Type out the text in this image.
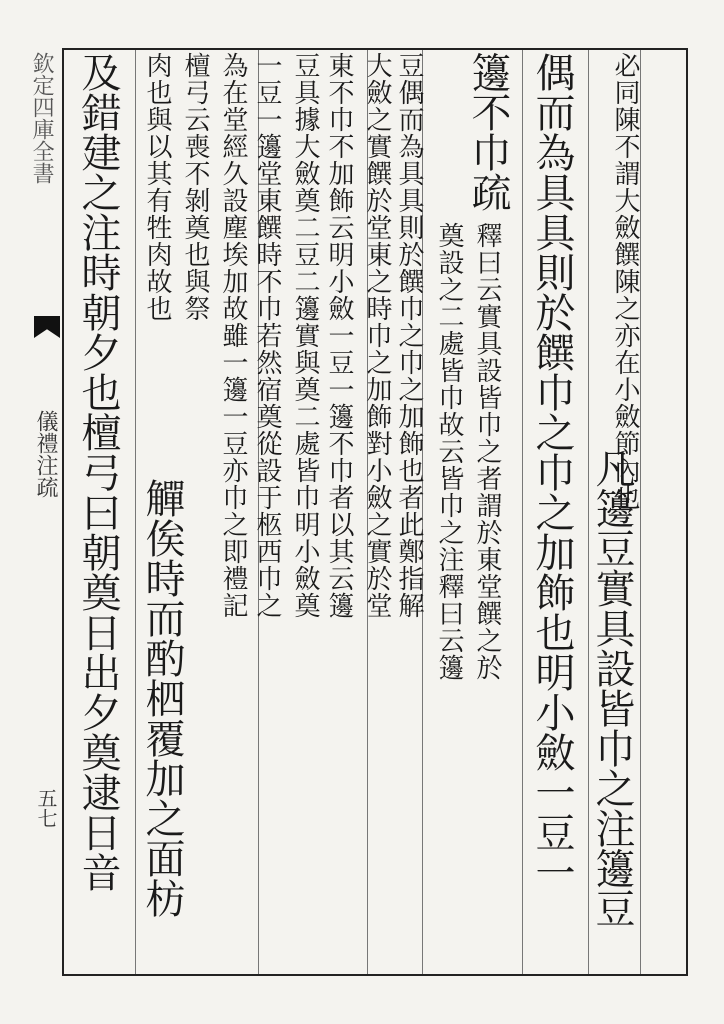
欽定四庫全書
儀禮注疏
五七
必同陳不謂大斂饌陳之亦在小斂節內也
凡籩豆實具設皆巾之注籩豆
偶而為具具則於饌巾之巾之加飾也明小斂一豆一
籩不巾疏
釋曰云實具設皆巾之者謂於東堂饌之於
奠設之二處皆巾故云皆巾之注釋曰云籩
豆偶而為具具則於饌巾之巾之加飾也者此鄭指解
大斂之實饌於堂東之時巾之加飾對小斂之實於堂
東不巾不加飾云明小斂一豆一籩不巾者以其云籩
豆具據大斂奠二豆二籩實與奠二處皆巾明小斂奠
一豆一籩堂東饌時不巾若然宿奠從設于柩西巾之
為在堂經久設塵埃加故雖一籩一豆亦巾之即禮記
檀弓云喪不剝奠也與祭
觶俟時而酌柶覆加之面枋
肉也與以其有牲肉故也
及錯建之注時朝夕也檀弓曰朝奠日出夕奠逮日音
